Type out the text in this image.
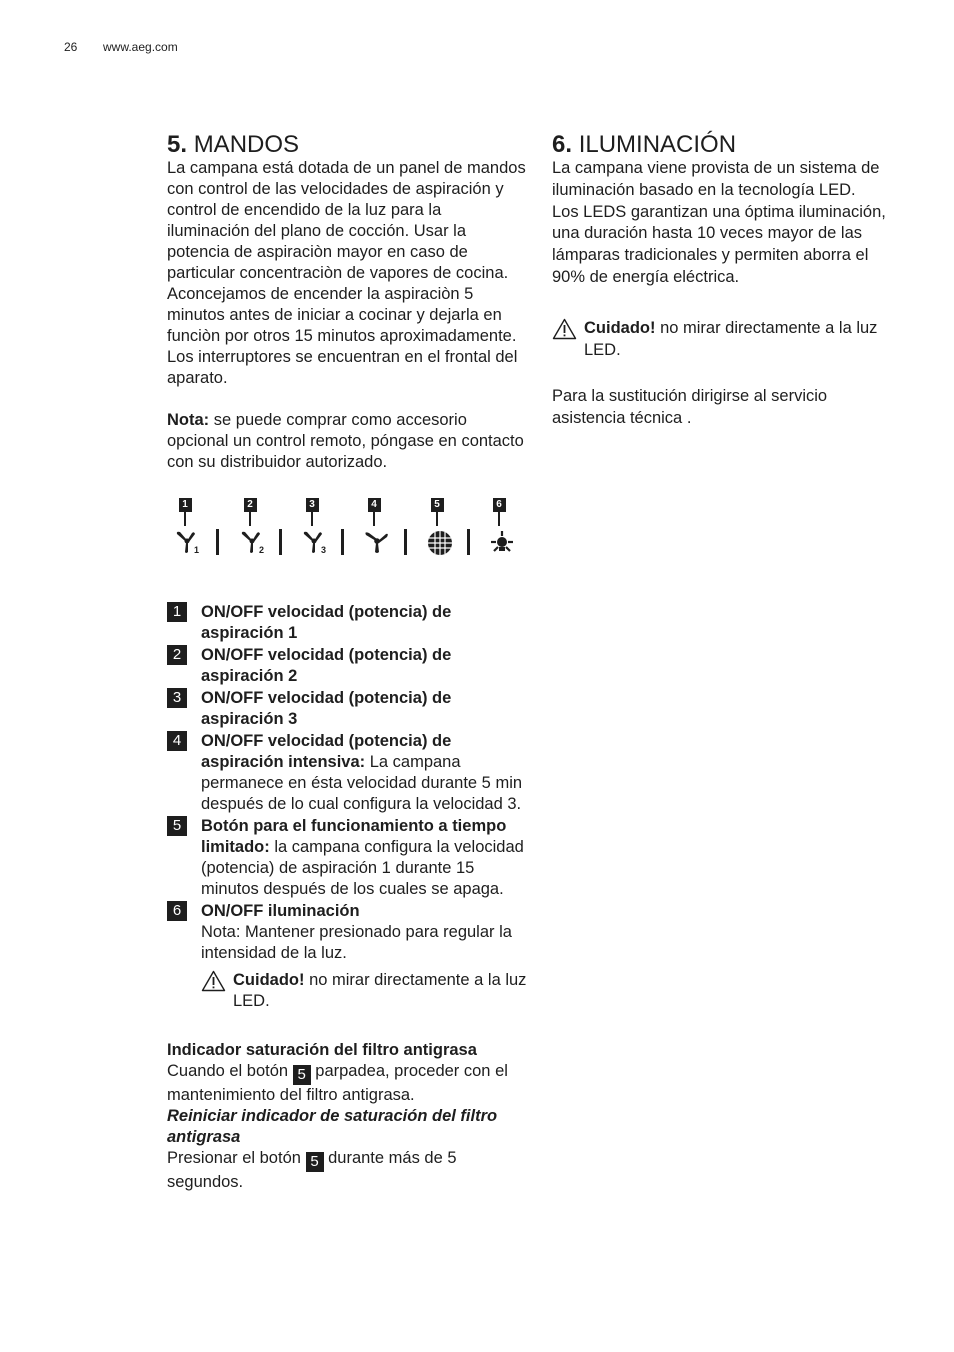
26 www.aeg.com
5. MANDOS

La campana está dotada de un panel de mandos con control de las velocidades de aspiración y control de encendido de la luz para la iluminación del plano de cocción. Usar la potencia de aspiraciòn mayor en caso de particular concentraciòn de vapores de cocina. Aconcejamos de encender la aspiraciòn 5 minutos antes de iniciar a cocinar y dejarla en funciòn por otros 15 minutos aproximadamente.

Los interruptores se encuentran en el frontal del aparato.

Nota: se puede comprar como accesorio opcional un control remoto, póngase en contacto con su distribuidor autorizado.

1
1
2
2
3
3
4	5	6
1	ON/OFF velocidad (potencia) de aspiración 1
2	ON/OFF velocidad (potencia) de aspiración 2
3	ON/OFF velocidad (potencia) de aspiración 3
4	ON/OFF velocidad (potencia) de aspiración intensiva: La campana permanece en ésta velocidad durante 5 min después de lo cual configura la velocidad 3.
5	Botón para el funcionamiento a tiempo limitado: la campana configura la velocidad (potencia) de aspiración 1 durante 15 minutos después de los cuales se apaga.
6	ON/OFF iluminación
Nota: Mantener presionado para regular la intensidad de la luz.
Cuidado! no mirar directamente a la luz LED.

Indicador saturación del filtro antigrasa

Cuando el botón 5 parpadea, proceder con el mantenimiento del filtro antigrasa.

Reiniciar indicador de saturación del filtro antigrasa

Presionar el botón 5 durante más de 5 segundos.

6. ILUMINACIÓN

La campana viene provista de un sistema de iluminación basado en la tecnología LED.

Los LEDS garantizan una óptima iluminación, una duración hasta 10 veces mayor de las lámparas tradicionales y permiten aborra el 90% de energía eléctrica.

Cuidado! no mirar directamente a la luz LED.

Para la sustitución dirigirse al servicio asistencia técnica .
